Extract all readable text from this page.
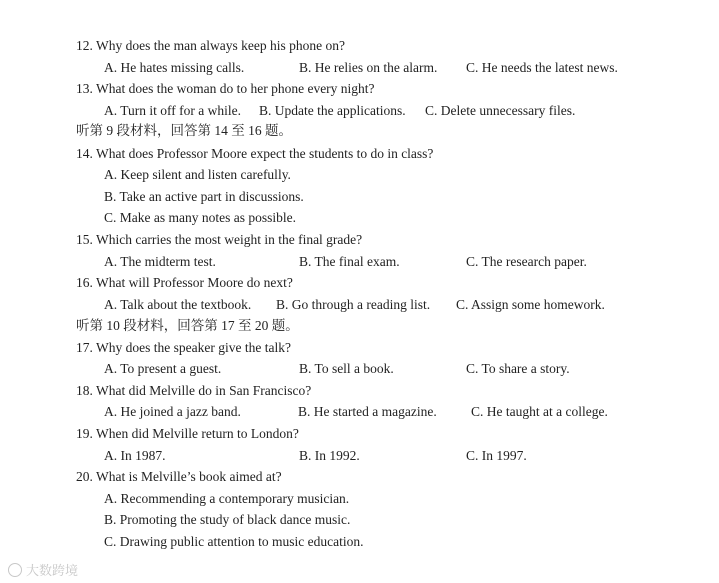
12. Why does the man always keep his phone on?
A. He hates missing calls.	B. He relies on the alarm. C. He needs the latest news.
13. What does the woman do to her phone every night?
A. Turn it off for a while. B. Update the applications. C. Delete unnecessary files.
听第 9 段材料，回答第 14 至 16 题。
14. What does Professor Moore expect the students to do in class?
A. Keep silent and listen carefully.
B. Take an active part in discussions.
C. Make as many notes as possible.
15. Which carries the most weight in the final grade?
A. The midterm test.	B. The final exam.	C. The research paper.
16. What will Professor Moore do next?
A. Talk about the textbook. B. Go through a reading list. C. Assign some homework.
听第 10 段材料，回答第 17 至 20 题。
17. Why does the speaker give the talk?
A. To present a guest.	B. To sell a book.	C. To share a story.
18. What did Melville do in San Francisco?
A. He joined a jazz band.	B. He started a magazine.	C. He taught at a college.
19. When did Melville return to London?
A. In 1987.	B. In 1992.	C. In 1997.
20. What is Melville’s book aimed at?
A. Recommending a contemporary musician.
B. Promoting the study of black dance music.
C. Drawing public attention to music education.
大数跨境
